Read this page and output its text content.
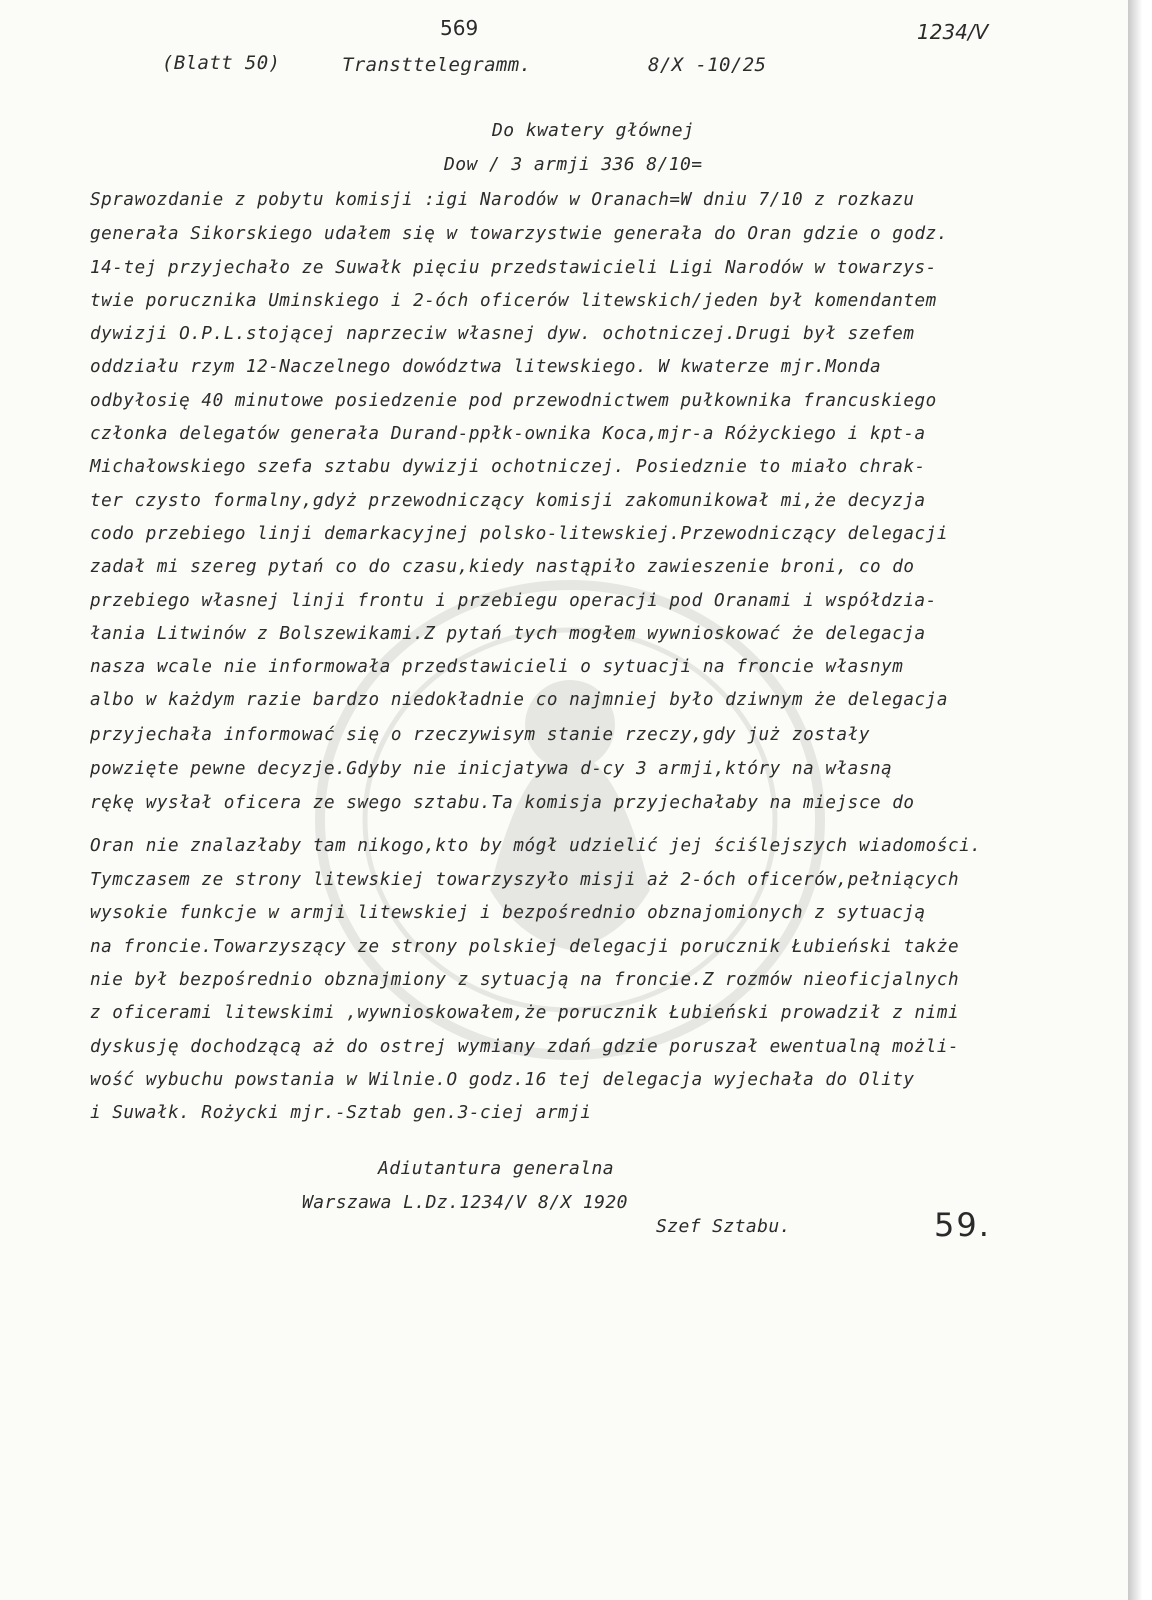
569	1234/V
(Blatt 50)	Transttelegramm.	8/X -10/25
Do kwatery głównej
Dow / 3 armji 336 8/10=
Sprawozdanie z pobytu komisji :igi Narodów w Oranach=W dniu 7/10 z rozkazu
generała Sikorskiego udałem się w towarzystwie generała do Oran gdzie o godz.
14-tej przyjechało ze Suwałk pięciu przedstawicieli Ligi Narodów w towarzys-
twie porucznika Uminskiego i 2-óch oficerów litewskich/jeden był komendantem
dywizji O.P.L.stojącej naprzeciw własnej dyw. ochotniczej.Drugi był szefem
oddziału rzym 12-Naczelnego dowództwa litewskiego. W kwaterze mjr.Monda
odbyłosię 40 minutowe posiedzenie pod przewodnictwem pułkownika francuskiego
członka delegatów generała Durand-ppłk-ownika Koca,mjr-a Różyckiego i kpt-a
Michałowskiego szefa sztabu dywizji ochotniczej. Posiedznie to miało chrak-
ter czysto formalny,gdyż przewodniczący komisji zakomunikował mi,że decyzja
codo przebiego linji demarkacyjnej polsko-litewskiej.Przewodniczący delegacji
zadał mi szereg pytań co do czasu,kiedy nastąpiło zawieszenie broni, co do
przebiego własnej linji frontu i przebiegu operacji pod Oranami i współdzia-
łania Litwinów z Bolszewikami.Z pytań tych mogłem wywnioskować że delegacja
nasza wcale nie informowała przedstawicieli o sytuacji na froncie własnym
albo w każdym razie bardzo niedokładnie co najmniej było dziwnym że delegacja
przyjechała informować się o rzeczywisym stanie rzeczy,gdy już zostały
powzięte pewne decyzje.Gdyby nie inicjatywa d-cy 3 armji,który na własną
rękę wysłał oficera ze swego sztabu.Ta komisja przyjechałaby na miejsce do
Oran nie znalazłaby tam nikogo,kto by mógł udzielić jej ściślejszych wiadomości.
Tymczasem ze strony litewskiej towarzyszyło misji aż 2-óch oficerów,pełniących
wysokie funkcje w armji litewskiej i bezpośrednio obznajomionych z sytuacją
na froncie.Towarzyszący ze strony polskiej delegacji porucznik Łubieński także
nie był bezpośrednio obznajmiony z sytuacją na froncie.Z rozmów nieoficjalnych
z oficerami litewskimi ,wywnioskowałem,że porucznik Łubieński prowadził z nimi
dyskusję dochodzącą aż do ostrej wymiany zdań gdzie poruszał ewentualną możli-
wość wybuchu powstania w Wilnie.O godz.16 tej delegacja wyjechała do Olity
i Suwałk. Rożycki mjr.-Sztab gen.3-ciej armji
Adiutantura generalna
Warszawa L.Dz.1234/V 8/X 1920
Szef Sztabu.	59.
